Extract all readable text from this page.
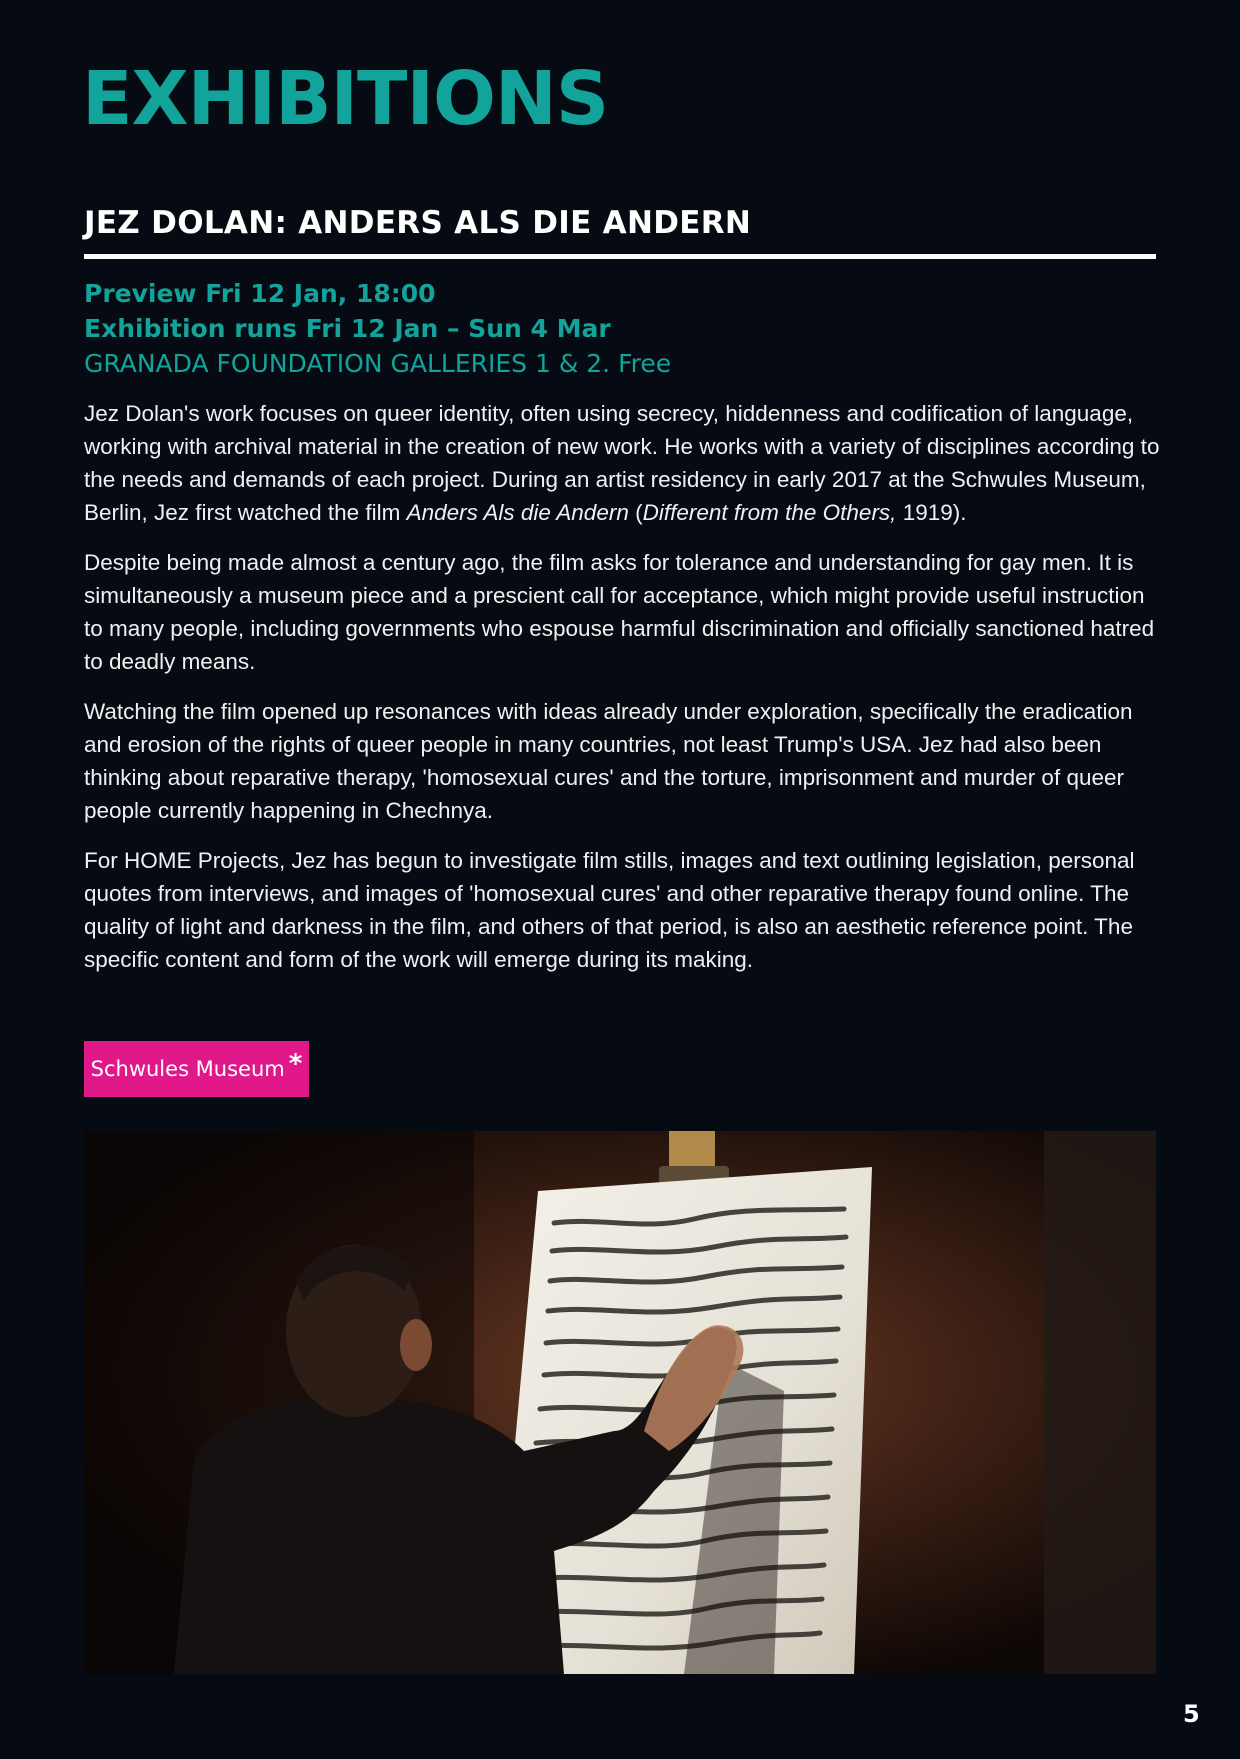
EXHIBITIONS
JEZ DOLAN: ANDERS ALS DIE ANDERN
Preview Fri 12 Jan, 18:00
Exhibition runs Fri 12 Jan – Sun 4 Mar
GRANADA FOUNDATION GALLERIES 1 & 2. Free

Jez Dolan's work focuses on queer identity, often using secrecy, hiddenness and codification of language, working with archival material in the creation of new work. He works with a variety of disciplines according to the needs and demands of each project. During an artist residency in early 2017 at the Schwules Museum, Berlin, Jez first watched the film Anders Als die Andern (Different from the Others, 1919).

Despite being made almost a century ago, the film asks for tolerance and understanding for gay men. It is simultaneously a museum piece and a prescient call for acceptance, which might provide useful instruction to many people, including governments who espouse harmful discrimination and officially sanctioned hatred to deadly means.

Watching the film opened up resonances with ideas already under exploration, specifically the eradication and erosion of the rights of queer people in many countries, not least Trump's USA. Jez had also been thinking about reparative therapy, 'homosexual cures' and the torture, imprisonment and murder of queer people currently happening in Chechnya.

For HOME Projects, Jez has begun to investigate film stills, images and text outlining legislation, personal quotes from interviews, and images of 'homosexual cures' and other reparative therapy found online. The quality of light and darkness in the film, and others of that period, is also an aesthetic reference point. The specific content and form of the work will emerge during its making.

Schwules Museum *
5
